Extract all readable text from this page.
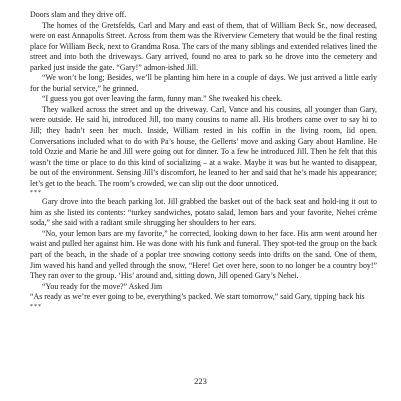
Doors slam and they drive off.

The homes of the Gretsfelds, Carl and Mary and east of them, that of William Beck Sr., now deceased, were on east Annapolis Street. Across from them was the Riverview Cemetery that would be the final resting place for William Beck, next to Grandma Rosa. The cars of the many siblings and extended relatives lined the street and into both the driveways. Gary arrived, found no area to park so he drove into the cemetery and parked just inside the gate. “Gary!” admon-ished Jill.

“We won’t be long; Besides, we’ll be planting him here in a couple of days. We just arrived a little early for the burial service,” he grinned.

“I guess you got over leaving the farm, funny man.” She tweaked his cheek.

They walked across the street and up the driveway. Carl, Vance and his cousins, all younger than Gary, were outside. He said hi, introduced Jill, too many cousins to name all. His brothers came over to say hi to Jill; they hadn’t seen her much. Inside, William rested in his coffin in the living room, lid open. Conversations included what to do with Pa’s house, the Gellerts’ move and asking Gary about Hamline. He told Ozzie and Marie he and Jill were going out for dinner. To a few he introduced Jill. Then he felt that this wasn’t the time or place to do this kind of socializing – at a wake. Maybe it was but he wanted to disappear, be out of the environment. Sensing Jill’s discomfort, he leaned to her and said that he’s made his appearance; let’s get to the beach. The room’s crowded, we can slip out the door unnoticed.

***

Gary drove into the beach parking lot. Jill grabbed the basket out of the back seat and hold-ing it out to him as she listed its contents: “turkey sandwiches, potato salad, lemon bars and your favorite, Nehei crème soda,” she said with a radiant smile shrugging her shoulders to her ears.

“No, your lemon bars are my favorite,” he corrected, looking down to her face. His arm went around her waist and pulled her against him. He was done with his funk and funeral. They spot-ted the group on the back part of the beach, in the shade of a poplar tree snowing cottony seeds into drifts on the sand. One of them, Jim waved his hand and yelled through the snow, “Here! Get over here, soon to no longer be a country boy!” They ran over to the group. ‘His’ around and, sitting down, Jill opened Gary’s Nehei.

“You ready for the move?” Asked Jim

“As ready as we’re ever going to be, everything’s packed. We start tomorrow,” said Gary, tipping back his

***

223
